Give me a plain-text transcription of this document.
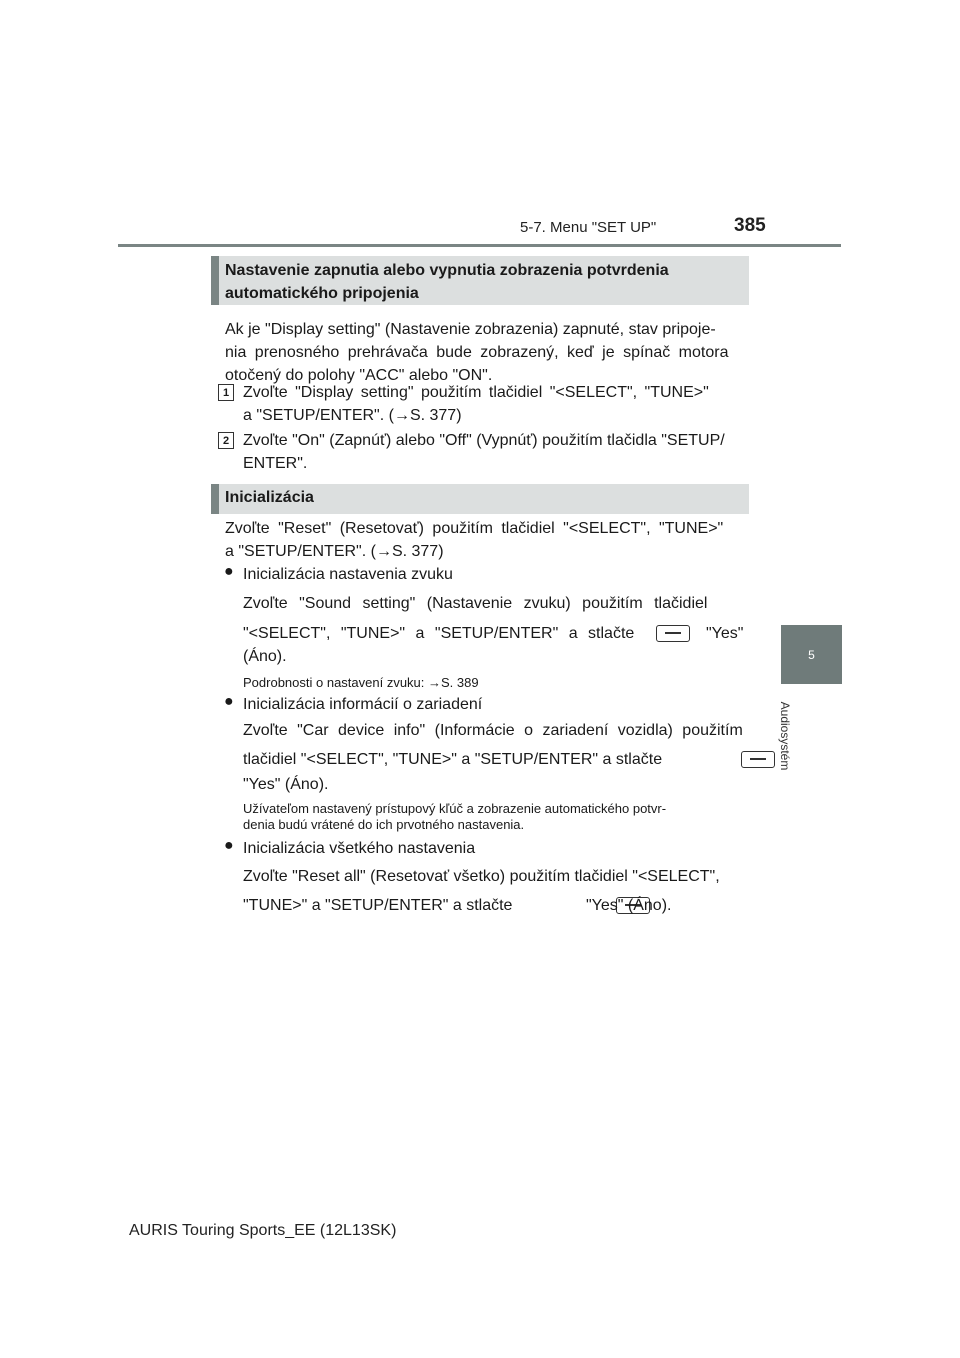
5-7. Menu "SET UP"	385
5
Audiosystém
Nastavenie zapnutia alebo vypnutia zobrazenia potvrdenia
automatického pripojenia
Ak je "Display setting" (Nastavenie zobrazenia) zapnuté, stav pripoje-
nia prenosného prehrávača bude zobrazený, keď je spínač motora
otočený do polohy "ACC" alebo "ON".
1 Zvoľte "Display setting" použitím tlačidiel "<SELECT", "TUNE>"
a "SETUP/ENTER". (→S. 377)
2 Zvoľte "On" (Zapnúť) alebo "Off" (Vypnúť) použitím tlačidla "SETUP/
ENTER".
Inicializácia
Zvoľte "Reset" (Resetovať) použitím tlačidiel "<SELECT", "TUNE>"
a "SETUP/ENTER". (→S. 377)
● Inicializácia nastavenia zvuku
Zvoľte "Sound setting" (Nastavenie zvuku) použitím tlačidiel
"<SELECT", "TUNE>" a "SETUP/ENTER" a stlačte
	"Yes"
(Áno).
Podrobnosti o nastavení zvuku: →S. 389
● Inicializácia informácií o zariadení
Zvoľte "Car device info" (Informácie o zariadení vozidla) použitím
tlačidiel "<SELECT", "TUNE>" a "SETUP/ENTER" a stlačte

"Yes" (Áno).
Užívateľom nastavený prístupový kľúč a zobrazenie automatického potvr-
denia budú vrátené do ich prvotného nastavenia.
● Inicializácia všetkého nastavenia
Zvoľte "Reset all" (Resetovať všetko) použitím tlačidiel "<SELECT",
"TUNE>" a "SETUP/ENTER" a stlačte	"Yes" (Áno).
AURIS Touring Sports_EE (12L13SK)
